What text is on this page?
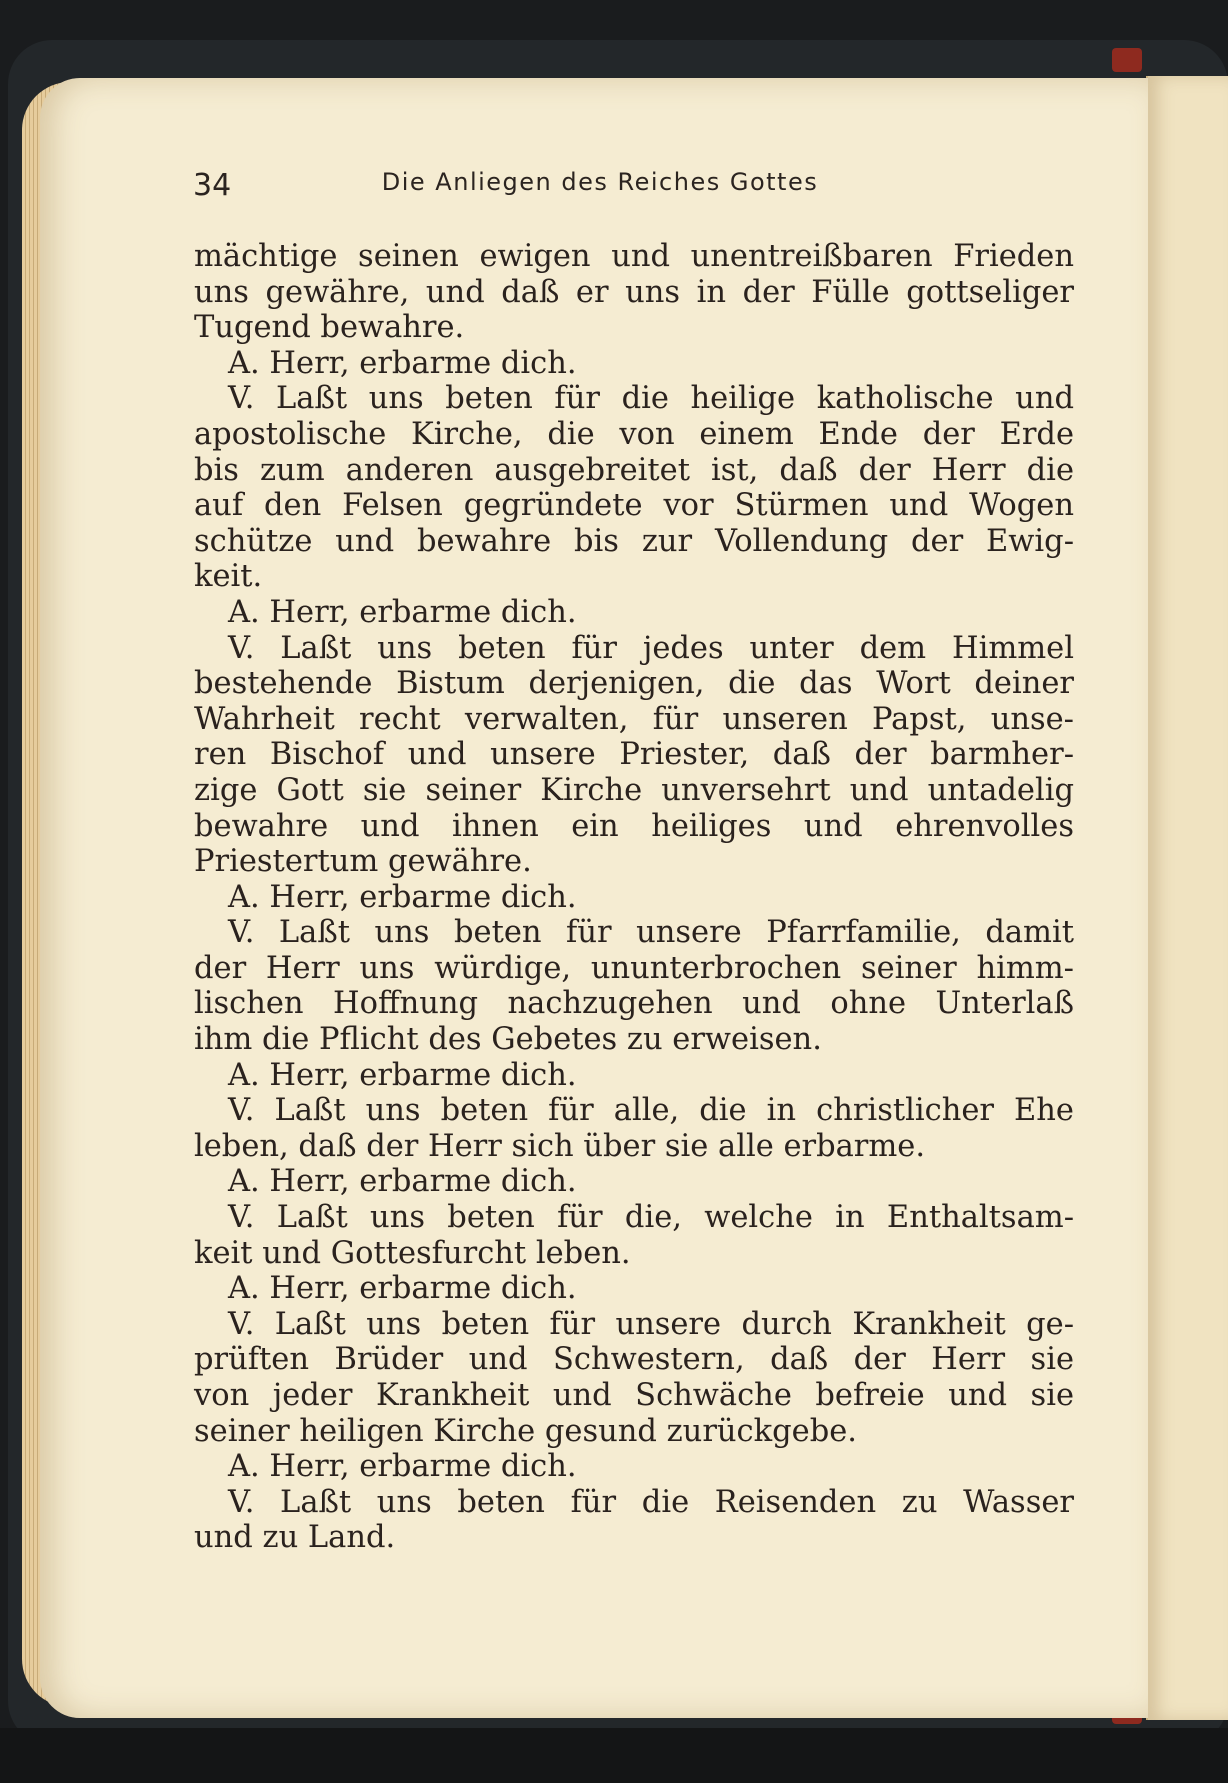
34	Die Anliegen des Reiches Gottes
mächtige seinen ewigen und unentreißbaren Frieden
uns gewähre, und daß er uns in der Fülle gottseliger
Tugend bewahre.
A. Herr, erbarme dich.
V. Laßt uns beten für die heilige katholische und
apostolische Kirche, die von einem Ende der Erde
bis zum anderen ausgebreitet ist, daß der Herr die
auf den Felsen gegründete vor Stürmen und Wogen
schütze und bewahre bis zur Vollendung der Ewig-
keit.
A. Herr, erbarme dich.
V. Laßt uns beten für jedes unter dem Himmel
bestehende Bistum derjenigen, die das Wort deiner
Wahrheit recht verwalten, für unseren Papst, unse-
ren Bischof und unsere Priester, daß der barmher-
zige Gott sie seiner Kirche unversehrt und untadelig
bewahre und ihnen ein heiliges und ehrenvolles
Priestertum gewähre.
A. Herr, erbarme dich.
V. Laßt uns beten für unsere Pfarrfamilie, damit
der Herr uns würdige, ununterbrochen seiner himm-
lischen Hoffnung nachzugehen und ohne Unterlaß
ihm die Pflicht des Gebetes zu erweisen.
A. Herr, erbarme dich.
V. Laßt uns beten für alle, die in christlicher Ehe
leben, daß der Herr sich über sie alle erbarme.
A. Herr, erbarme dich.
V. Laßt uns beten für die, welche in Enthaltsam-
keit und Gottesfurcht leben.
A. Herr, erbarme dich.
V. Laßt uns beten für unsere durch Krankheit ge-
prüften Brüder und Schwestern, daß der Herr sie
von jeder Krankheit und Schwäche befreie und sie
seiner heiligen Kirche gesund zurückgebe.
A. Herr, erbarme dich.
V. Laßt uns beten für die Reisenden zu Wasser
und zu Land.
